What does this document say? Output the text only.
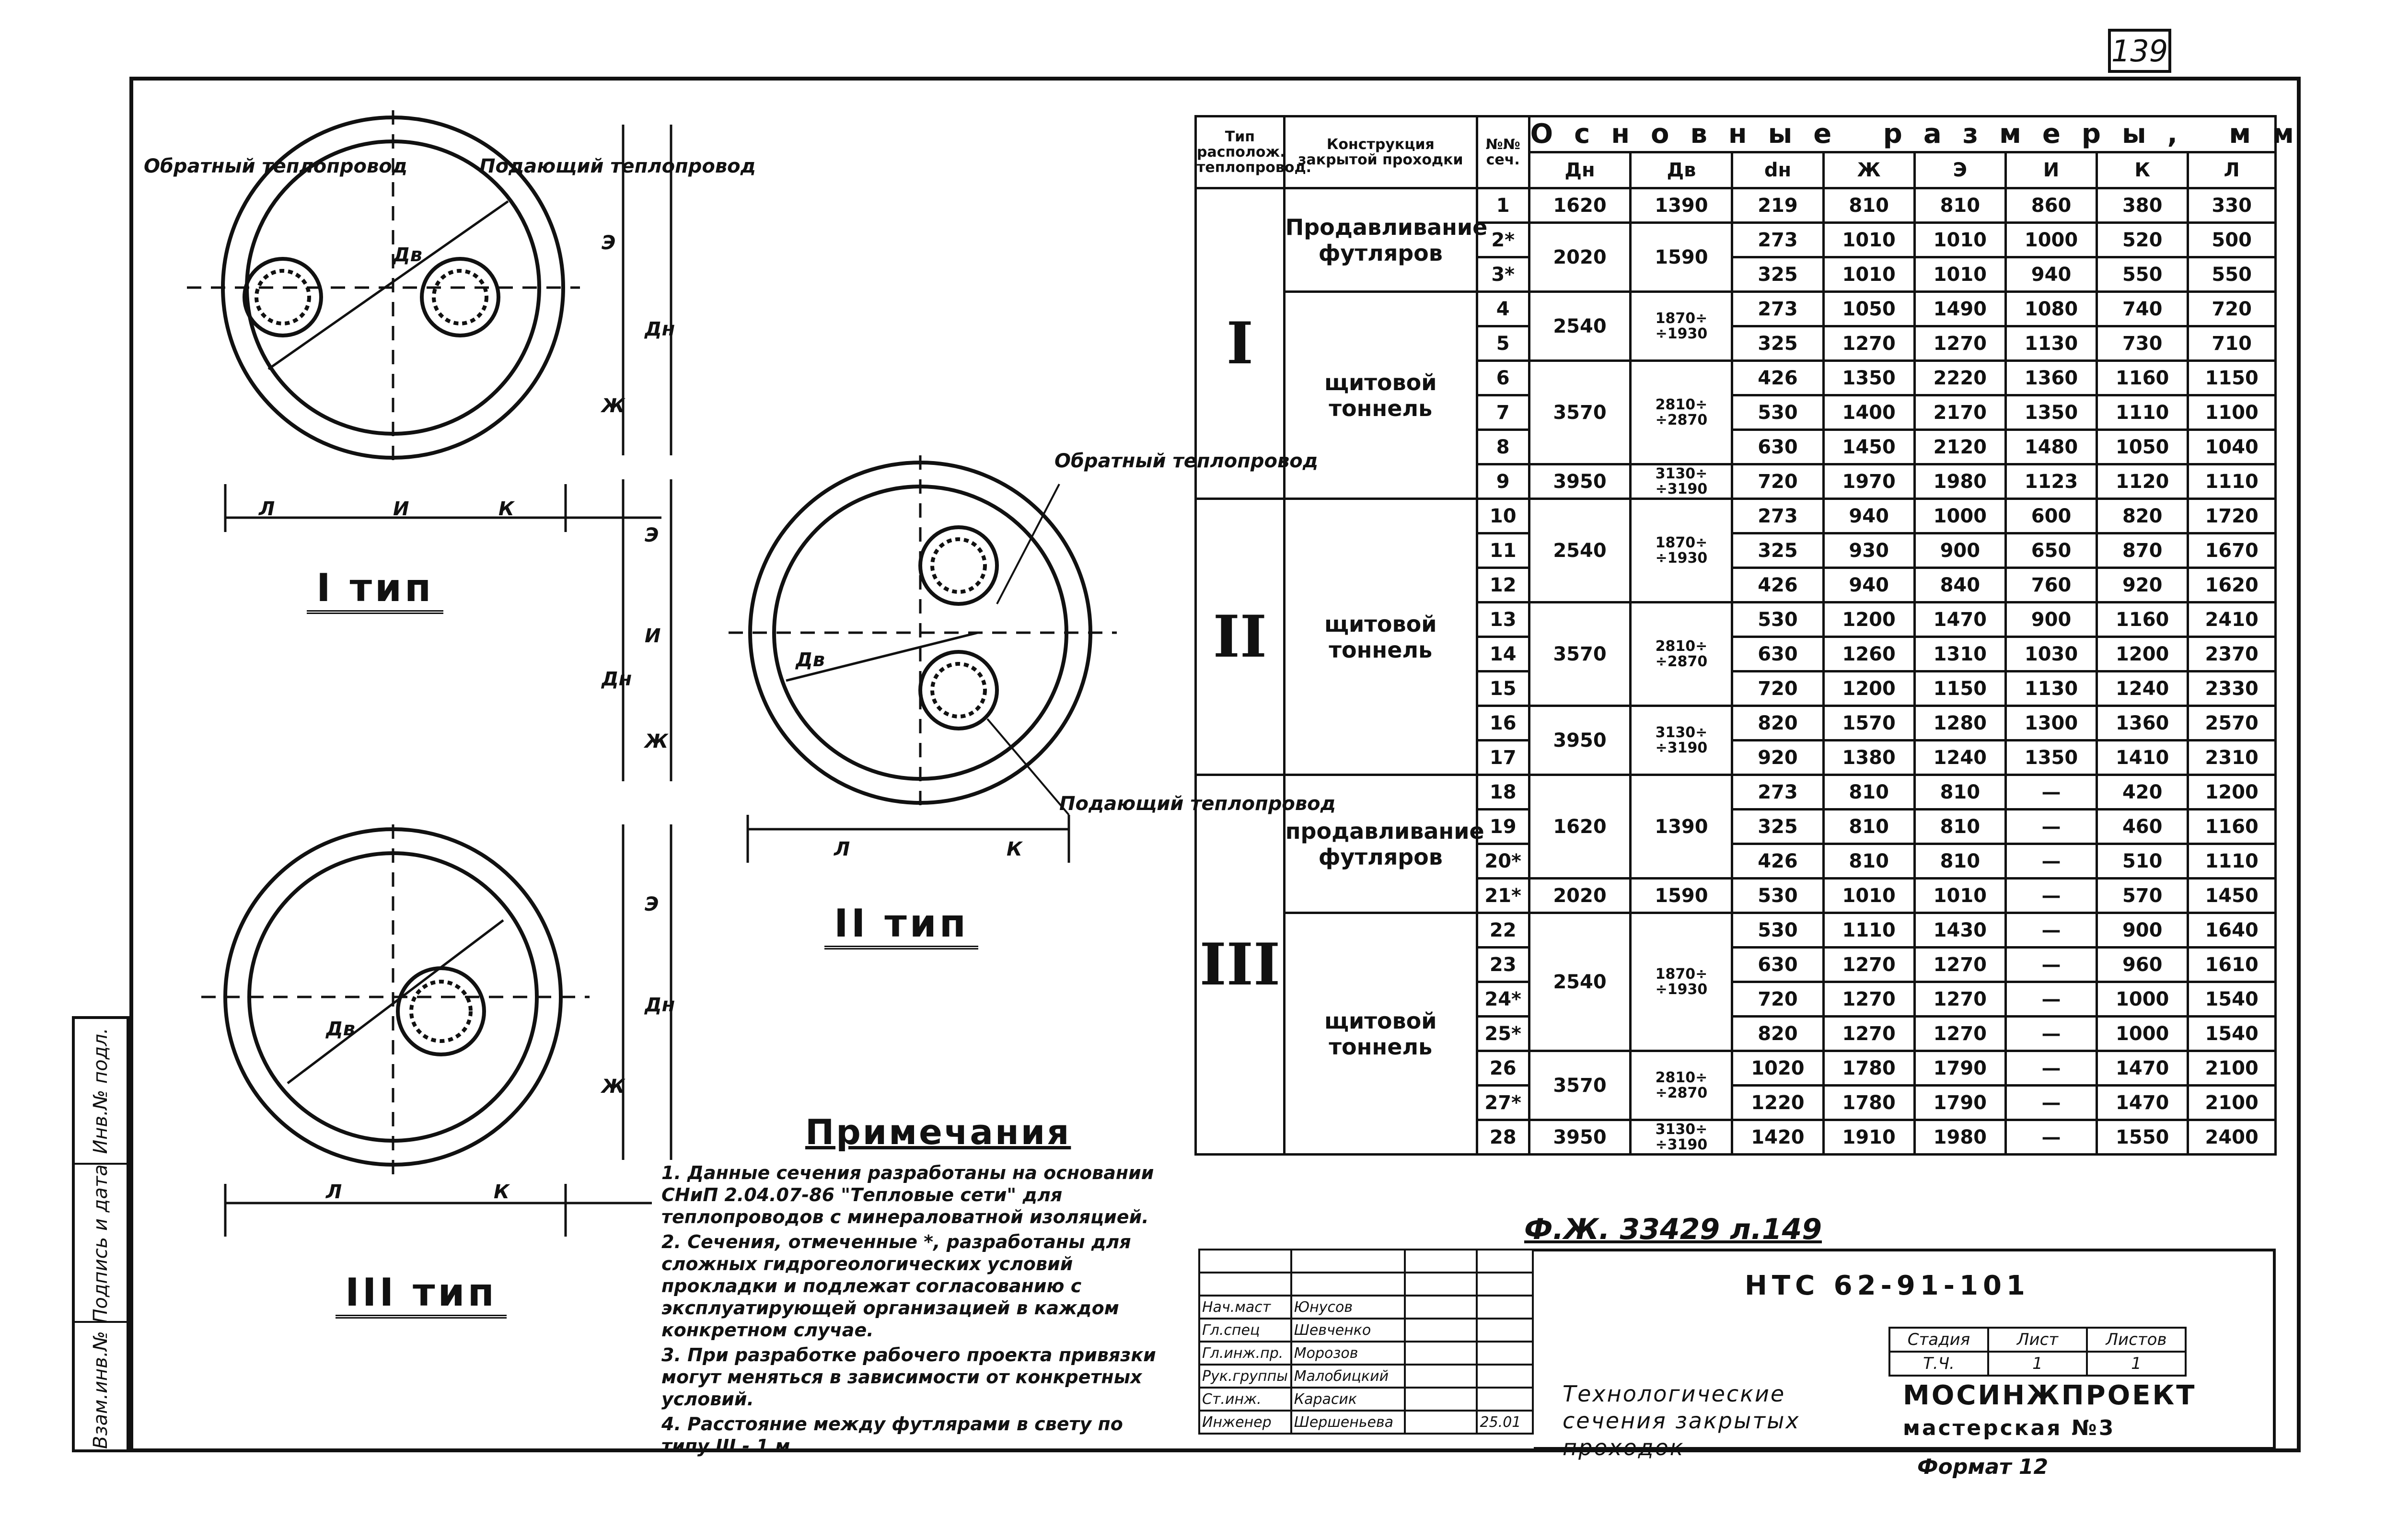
139
Инв.№ подл.
Подпись и дата
Взам.инв.№
Обратный теплопровод	Подающий теплопровод
Дв
Л	И	К
Э
Дн
Ж
Обратный теплопровод
Подающий теплопровод
Дв
Л	К
Э
И
Дн
Ж
Дв
Л	К
Э
Дн
Ж
I тип
II тип
III тип
Тип располож. теплопровод.	Конструкция закрытой проходки	№№ сеч.	Основные размеры, мм							
			Дн	Дв	dн	Ж	Э	И	К	Л
I	Продавливание футляров	1	1620	1390	219	810	810	860	380	330
		2*	2020	1590	273	1010	1010	1000	520	500
		3*			325	1010	1010	940	550	550
	щитовой тоннель	4	2540	1870÷ ÷1930	273	1050	1490	1080	740	720
		5			325	1270	1270	1130	730	710
		6	3570	2810÷ ÷2870	426	1350	2220	1360	1160	1150
		7			530	1400	2170	1350	1110	1100
		8			630	1450	2120	1480	1050	1040
		9	3950	3130÷ ÷3190	720	1970	1980	1123	1120	1110
II	щитовой тоннель	10	2540	1870÷ ÷1930	273	940	1000	600	820	1720
		11			325	930	900	650	870	1670
		12			426	940	840	760	920	1620
		13	3570	2810÷ ÷2870	530	1200	1470	900	1160	2410
		14			630	1260	1310	1030	1200	2370
		15			720	1200	1150	1130	1240	2330
		16	3950	3130÷ ÷3190	820	1570	1280	1300	1360	2570
		17			920	1380	1240	1350	1410	2310
III	продавливание футляров	18	1620	1390	273	810	810	—	420	1200
		19			325	810	810	—	460	1160
		20*			426	810	810	—	510	1110
		21*	2020	1590	530	1010	1010	—	570	1450
	щитовой тоннель	22	2540	1870÷ ÷1930	530	1110	1430	—	900	1640
		23			630	1270	1270	—	960	1610
		24*			720	1270	1270	—	1000	1540
		25*			820	1270	1270	—	1000	1540
		26	3570	2810÷ ÷2870	1020	1780	1790	—	1470	2100
		27*			1220	1780	1790	—	1470	2100
		28	3950	3130÷ ÷3190	1420	1910	1980	—	1550	2400
Примечания

1. Данные сечения разработаны на основании СНиП 2.04.07-86 "Тепловые сети" для теплопроводов с минераловатной изоляцией.

2. Сечения, отмеченные *, разработаны для сложных гидрогеологических условий прокладки и подлежат согласованию с эксплуатирующей организацией в каждом конкретном случае.

3. При разработке рабочего проекта привязки могут меняться в зависимости от конкретных условий.

4. Расстояние между футлярами в свету по типу III - 1 м.

Ф.Ж. 33429 л.149
НТС 62-91-101

Нач.маст	Юнусов		
Гл.спец	Шевченко		
Гл.инж.пр.	Морозов		
Рук.группы	Малобицкий		
Ст.инж.	Карасик		
Инженер	Шершеньева		25.01
Стадия	Лист	Листов
Т.Ч.	1	1
Технологические сечения закрытых проходок
МОСИНЖПРОЕКТ
мастерская №3
Формат 12
